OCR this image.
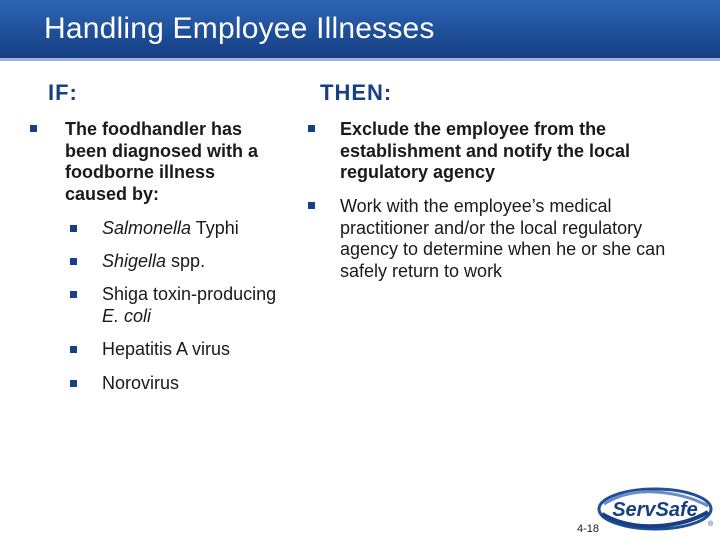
Handling Employee Illnesses
IF:	THEN:
The foodhandler has
been diagnosed with a
foodborne illness
caused by:
Salmonella Typhi
Shigella spp.
Shiga toxin-producing
E. coli
Hepatitis A virus
Norovirus
Exclude the employee from the
establishment and notify the local
regulatory agency
Work with the employee’s medical
practitioner and/or the local regulatory
agency to determine when he or she can
safely return to work
ServSafe
®
4-18
